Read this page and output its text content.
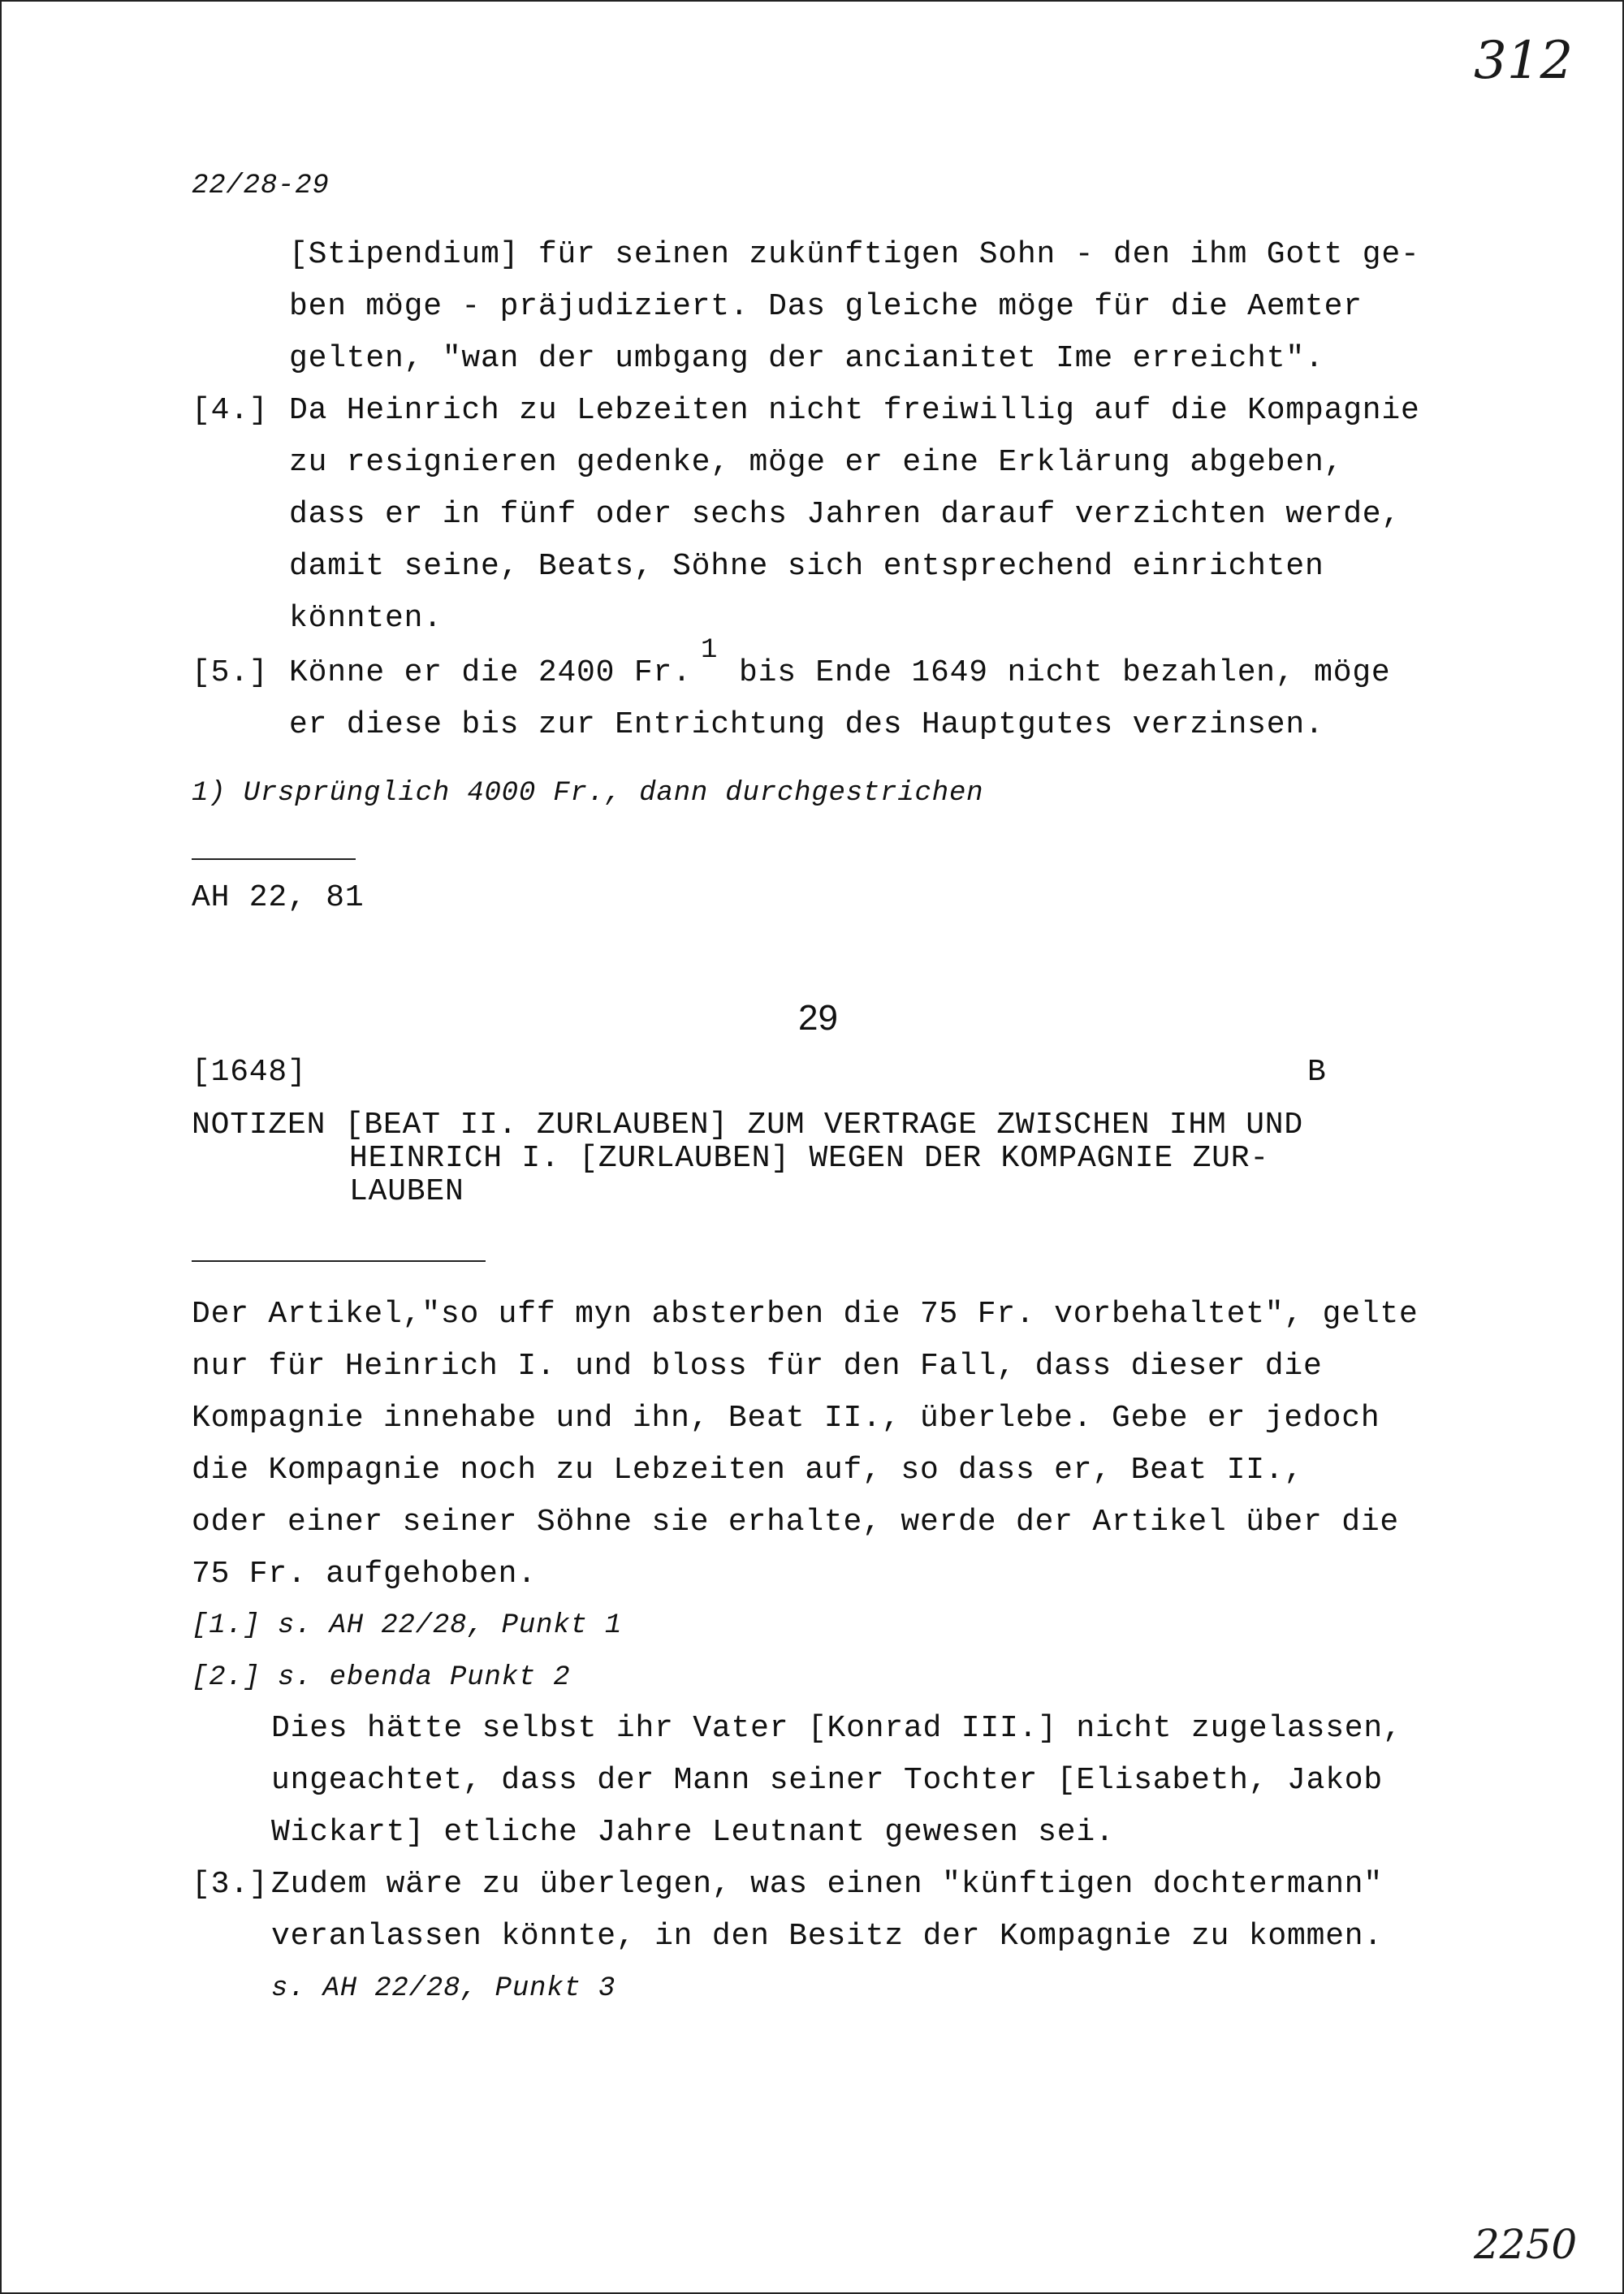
312
22/28-29
[Stipendium] für seinen zukünftigen Sohn - den ihm Gott ge-
ben möge - präjudiziert. Das gleiche möge für die Aemter
gelten, "wan der umbgang der ancianitet Ime erreicht".
[4.] Da Heinrich zu Lebzeiten nicht freiwillig auf die Kompagnie
zu resignieren gedenke, möge er eine Erklärung abgeben,
dass er in fünf oder sechs Jahren darauf verzichten werde,
damit seine, Beats, Söhne sich entsprechend einrichten
könnten.
[5.] Könne er die 2400 Fr.
1
bis Ende 1649 nicht bezahlen, möge
er diese bis zur Entrichtung des Hauptgutes verzinsen.
1) Ursprünglich 4000 Fr., dann durchgestrichen
AH 22, 81
29
[1648]	B
NOTIZEN [BEAT II. ZURLAUBEN] ZUM VERTRAGE ZWISCHEN IHM UND
HEINRICH I. [ZURLAUBEN] WEGEN DER KOMPAGNIE ZUR-
LAUBEN
Der Artikel,"so uff myn absterben die 75 Fr. vorbehaltet", gelte
nur für Heinrich I. und bloss für den Fall, dass dieser die
Kompagnie innehabe und ihn, Beat II., überlebe. Gebe er jedoch
die Kompagnie noch zu Lebzeiten auf, so dass er, Beat II.,
oder einer seiner Söhne sie erhalte, werde der Artikel über die
75 Fr. aufgehoben.
[1.] s. AH 22/28, Punkt 1
[2.] s. ebenda Punkt 2
Dies hätte selbst ihr Vater [Konrad III.] nicht zugelassen,
ungeachtet, dass der Mann seiner Tochter [Elisabeth, Jakob
Wickart] etliche Jahre Leutnant gewesen sei.
[3.] Zudem wäre zu überlegen, was einen "künftigen dochtermann"
veranlassen könnte, in den Besitz der Kompagnie zu kommen.
s. AH 22/28, Punkt 3
2250
